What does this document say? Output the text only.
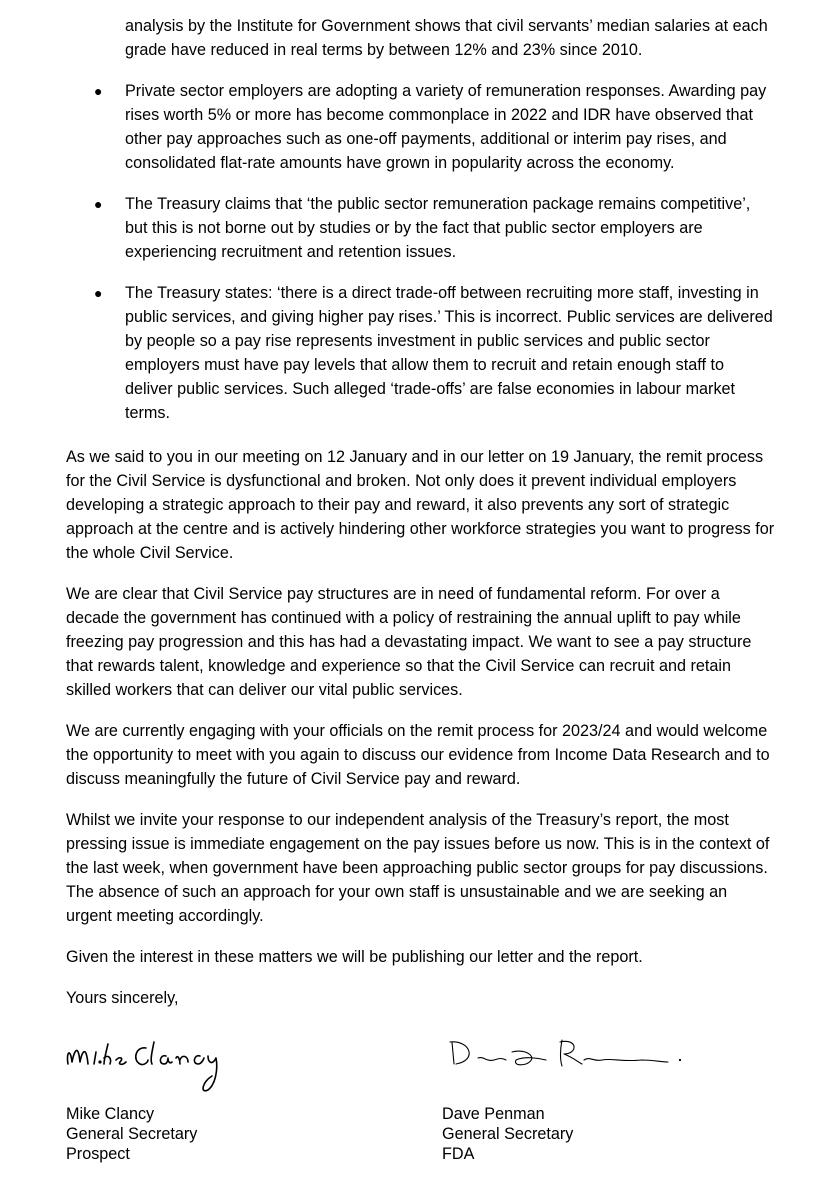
analysis by the Institute for Government shows that civil servants’ median salaries at each grade have reduced in real terms by between 12% and 23% since 2010.
● Private sector employers are adopting a variety of remuneration responses. Awarding pay rises worth 5% or more has become commonplace in 2022 and IDR have observed that other pay approaches such as one-off payments, additional or interim pay rises, and consolidated flat-rate amounts have grown in popularity across the economy.
● The Treasury claims that ‘the public sector remuneration package remains competitive’, but this is not borne out by studies or by the fact that public sector employers are experiencing recruitment and retention issues.
● The Treasury states: ‘there is a direct trade-off between recruiting more staff, investing in public services, and giving higher pay rises.’ This is incorrect. Public services are delivered by people so a pay rise represents investment in public services and public sector employers must have pay levels that allow them to recruit and retain enough staff to deliver public services. Such alleged ‘trade-offs’ are false economies in labour market terms.

As we said to you in our meeting on 12 January and in our letter on 19 January, the remit process for the Civil Service is dysfunctional and broken. Not only does it prevent individual employers developing a strategic approach to their pay and reward, it also prevents any sort of strategic approach at the centre and is actively hindering other workforce strategies you want to progress for the whole Civil Service.

We are clear that Civil Service pay structures are in need of fundamental reform. For over a decade the government has continued with a policy of restraining the annual uplift to pay while freezing pay progression and this has had a devastating impact. We want to see a pay structure that rewards talent, knowledge and experience so that the Civil Service can recruit and retain skilled workers that can deliver our vital public services.

We are currently engaging with your officials on the remit process for 2023/24 and would welcome the opportunity to meet with you again to discuss our evidence from Income Data Research and to discuss meaningfully the future of Civil Service pay and reward.

Whilst we invite your response to our independent analysis of the Treasury’s report, the most pressing issue is immediate engagement on the pay issues before us now. This is in the context of the last week, when government have been approaching public sector groups for pay discussions. The absence of such an approach for your own staff is unsustainable and we are seeking an urgent meeting accordingly.

Given the interest in these matters we will be publishing our letter and the report.

Yours sincerely,
Mike Clancy
General Secretary
Prospect
Dave Penman
General Secretary
FDA
